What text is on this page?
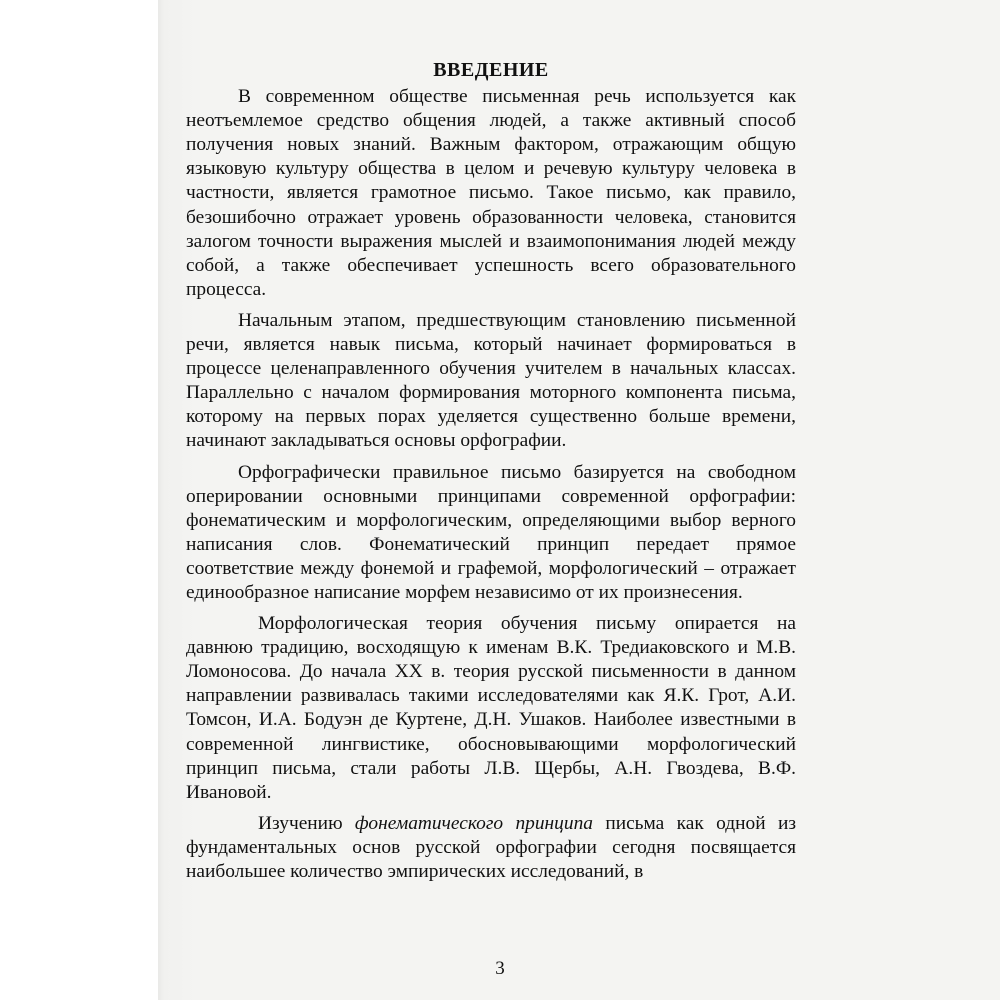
ВВЕДЕНИЕ

В современном обществе письменная речь используется как неотъемлемое средство общения людей, а также активный способ получения новых знаний. Важным фактором, отражающим общую языковую культуру общества в целом и речевую культуру человека в частности, является грамотное письмо. Такое письмо, как правило, безошибочно отражает уровень образованности человека, становится залогом точности выражения мыслей и взаимопонимания людей между собой, а также обеспечивает успешность всего образовательного процесса.

Начальным этапом, предшествующим становлению письменной речи, является навык письма, который начинает формироваться в процессе целенаправленного обучения учителем в начальных классах. Параллельно с началом формирования моторного компонента письма, которому на первых порах уделяется существенно больше времени, начинают закладываться основы орфографии.

Орфографически правильное письмо базируется на свободном оперировании основными принципами современной орфографии: фонематическим и морфологическим, определяющими выбор верного написания слов. Фонематический принцип передает прямое соответствие между фонемой и графемой, морфологический – отражает единообразное написание морфем независимо от их произнесения.

Морфологическая теория обучения письму опирается на давнюю традицию, восходящую к именам В.К. Тредиаковского и М.В. Ломоносова. До начала XX в. теория русской письменности в данном направлении развивалась такими исследователями как Я.К. Грот, А.И. Томсон, И.А. Бодуэн де Куртене, Д.Н. Ушаков. Наиболее известными в современной лингвистике, обосновывающими морфологический принцип письма, стали работы Л.В. Щербы, А.Н. Гвоздева, В.Ф. Ивановой.

Изучению фонематического принципа письма как одной из фундаментальных основ русской орфографии сегодня посвящается наибольшее количество эмпирических исследований, в

3
